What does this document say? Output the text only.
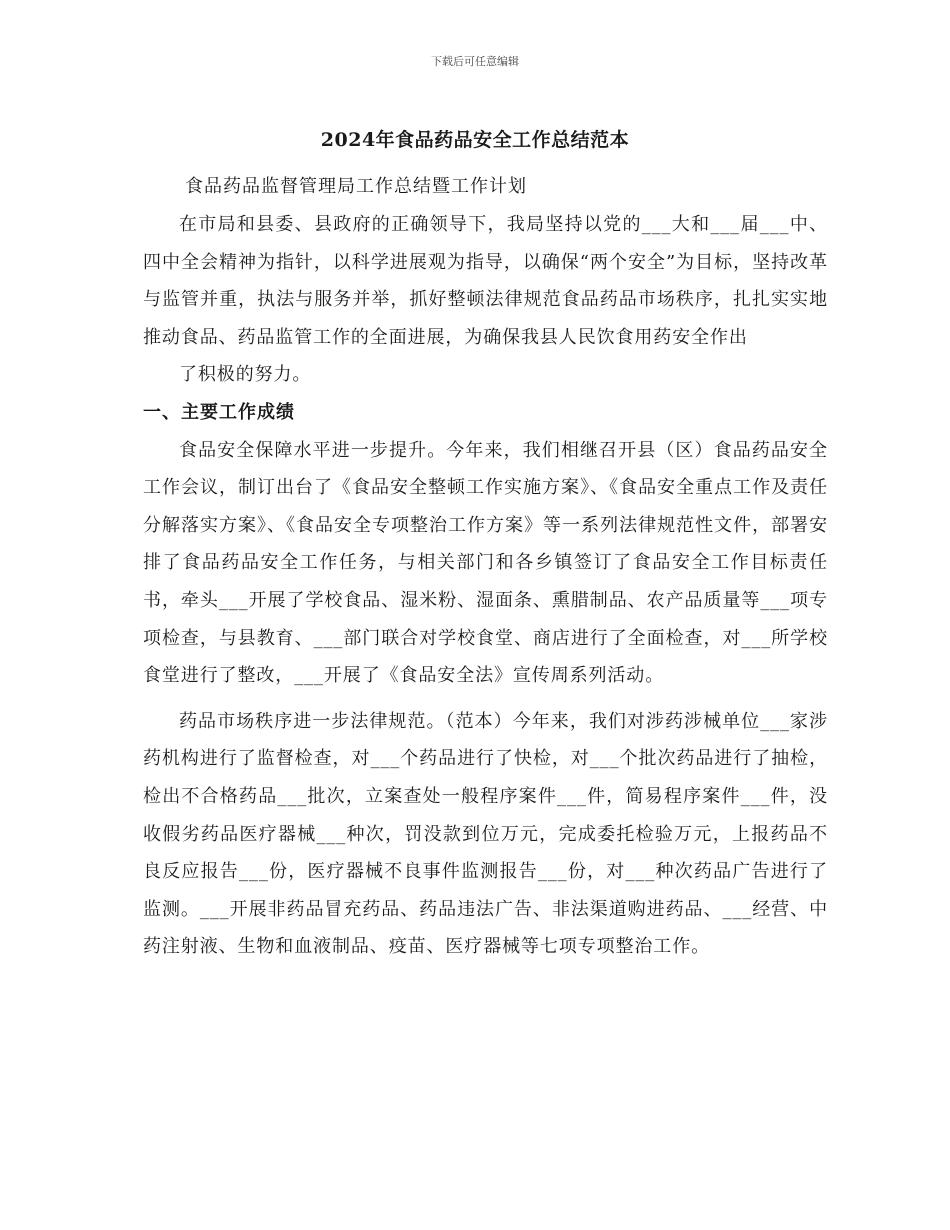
下载后可任意编辑
2024年食品药品安全工作总结范本
食品药品监督管理局工作总结暨工作计划

在市局和县委、县政府的正确领导下，我局坚持以党的___大和___届___中、四中全会精神为指针，以科学进展观为指导，以确保“两个安全”为目标，坚持改革与监管并重，执法与服务并举，抓好整顿法律规范食品药品市场秩序，扎扎实实地推动食品、药品监管工作的全面进展，为确保我县人民饮食用药安全作出

了积极的努力。

一、主要工作成绩

食品安全保障水平进一步提升。今年来，我们相继召开县（区）食品药品安全工作会议，制订出台了《食品安全整顿工作实施方案》、《食品安全重点工作及责任分解落实方案》、《食品安全专项整治工作方案》等一系列法律规范性文件，部署安排了食品药品安全工作任务，与相关部门和各乡镇签订了食品安全工作目标责任书，牵头___开展了学校食品、湿米粉、湿面条、熏腊制品、农产品质量等___项专项检查，与县教育、___部门联合对学校食堂、商店进行了全面检查，对___所学校食堂进行了整改，___开展了《食品安全法》宣传周系列活动。

药品市场秩序进一步法律规范。（范本）今年来，我们对涉药涉械单位___家涉药机构进行了监督检查，对___个药品进行了快检，对___个批次药品进行了抽检，检出不合格药品___批次，立案查处一般程序案件___件，简易程序案件___件，没收假劣药品医疗器械___种次，罚没款到位万元，完成委托检验万元，上报药品不良反应报告___份，医疗器械不良事件监测报告___份，对___种次药品广告进行了监测。___开展非药品冒充药品、药品违法广告、非法渠道购进药品、___经营、中药注射液、生物和血液制品、疫苗、医疗器械等七项专项整治工作。
